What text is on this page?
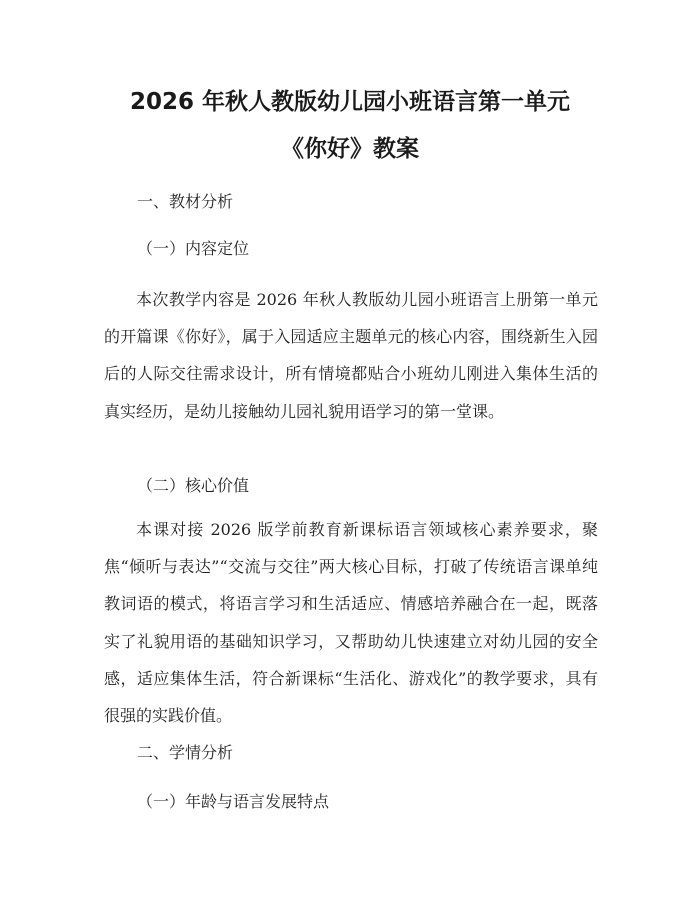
2026 年秋人教版幼儿园小班语言第一单元
《你好》教案
一、教材分析
（一）内容定位

本次教学内容是 2026 年秋人教版幼儿园小班语言上册第一单元的开篇课《你好》，属于入园适应主题单元的核心内容，围绕新生入园后的人际交往需求设计，所有情境都贴合小班幼儿刚进入集体生活的真实经历，是幼儿接触幼儿园礼貌用语学习的第一堂课。

（二）核心价值

本课对接 2026 版学前教育新课标语言领域核心素养要求，聚焦“倾听与表达”“交流与交往”两大核心目标，打破了传统语言课单纯教词语的模式，将语言学习和生活适应、情感培养融合在一起，既落实了礼貌用语的基础知识学习，又帮助幼儿快速建立对幼儿园的安全感，适应集体生活，符合新课标“生活化、游戏化”的教学要求，具有很强的实践价值。

二、学情分析
（一）年龄与语言发展特点
